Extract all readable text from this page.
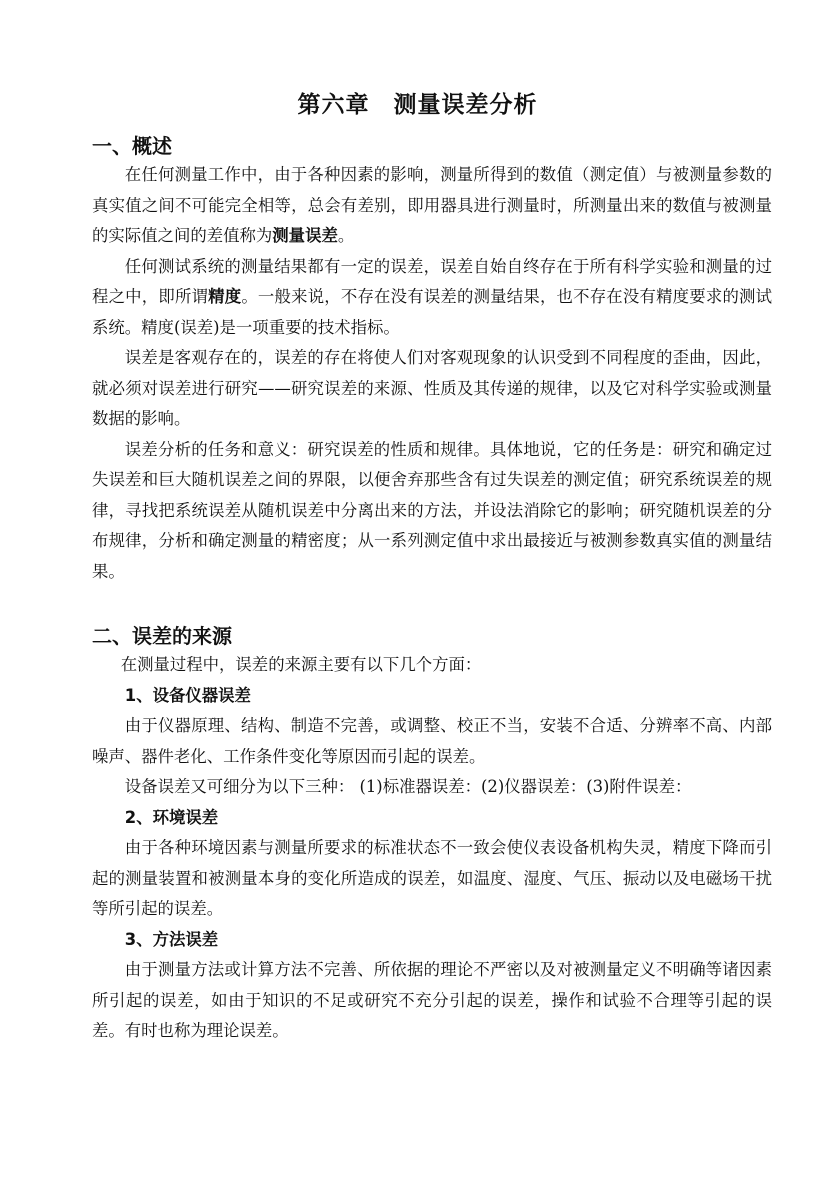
第六章　测量误差分析
一、概述

在任何测量工作中，由于各种因素的影响，测量所得到的数值（测定值）与被测量参数的真实值之间不可能完全相等，总会有差别，即用器具进行测量时，所测量出来的数值与被测量的实际值之间的差值称为测量误差。

任何测试系统的测量结果都有一定的误差，误差自始自终存在于所有科学实验和测量的过程之中，即所谓精度。一般来说，不存在没有误差的测量结果，也不存在没有精度要求的测试系统。精度(误差)是一项重要的技术指标。

误差是客观存在的，误差的存在将使人们对客观现象的认识受到不同程度的歪曲，因此，就必须对误差进行研究——研究误差的来源、性质及其传递的规律，以及它对科学实验或测量数据的影响。

误差分析的任务和意义：研究误差的性质和规律。具体地说，它的任务是：研究和确定过失误差和巨大随机误差之间的界限，以便舍弃那些含有过失误差的测定值；研究系统误差的规律，寻找把系统误差从随机误差中分离出来的方法，并设法消除它的影响；研究随机误差的分布规律，分析和确定测量的精密度；从一系列测定值中求出最接近与被测参数真实值的测量结果。

二、误差的来源

在测量过程中，误差的来源主要有以下几个方面：

1、设备仪器误差

由于仪器原理、结构、制造不完善，或调整、校正不当，安装不合适、分辨率不高、内部噪声、器件老化、工作条件变化等原因而引起的误差。

设备误差又可细分为以下三种： (1)标准器误差：(2)仪器误差：(3)附件误差：

2、环境误差

由于各种环境因素与测量所要求的标准状态不一致会使仪表设备机构失灵，精度下降而引起的测量装置和被测量本身的变化所造成的误差，如温度、湿度、气压、振动以及电磁场干扰等所引起的误差。

3、方法误差

由于测量方法或计算方法不完善、所依据的理论不严密以及对被测量定义不明确等诸因素所引起的误差，如由于知识的不足或研究不充分引起的误差，操作和试验不合理等引起的误差。有时也称为理论误差。
